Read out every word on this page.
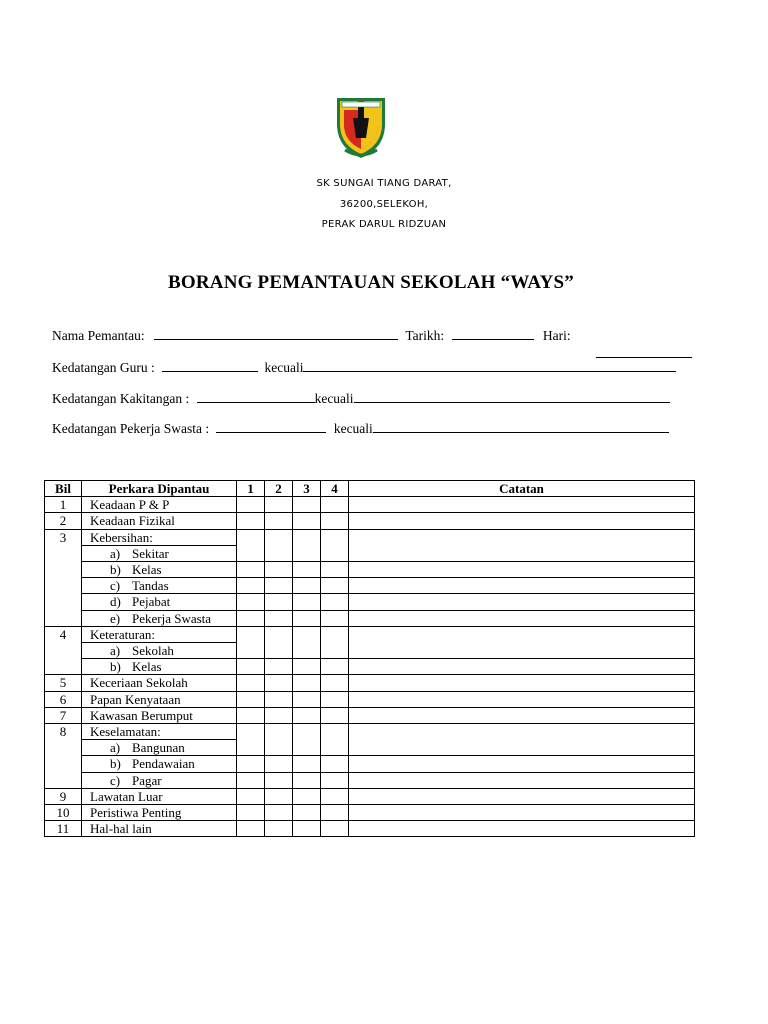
SK SUNGAI TIANG DARAT,
36200,SELEKOH,
PERAK DARUL RIDZUAN
BORANG PEMANTAUAN SEKOLAH “WAYS”
Nama Pemantau:	Tarikh:	Hari:
Kedatangan Guru :	kecuali
Kedatangan Kakitangan :	kecuali
Kedatangan Pekerja Swasta :	kecuali
Bil	Perkara Dipantau	1	2	3	4	Catatan
1	Keadaan P & P					
2	Keadaan Fizikal					
3	Kebersihan:					
	a) Sekitar					
	b) Kelas					
	c) Tandas					
	d) Pejabat					
	e) Pekerja Swasta					
4	Keteraturan:					
	a) Sekolah					
	b) Kelas					
5	Keceriaan Sekolah					
6	Papan Kenyataan					
7	Kawasan Berumput					
8	Keselamatan:					
	a) Bangunan					
	b) Pendawaian					
	c) Pagar					
9	Lawatan Luar					
10	Peristiwa Penting					
11	Hal-hal lain					
